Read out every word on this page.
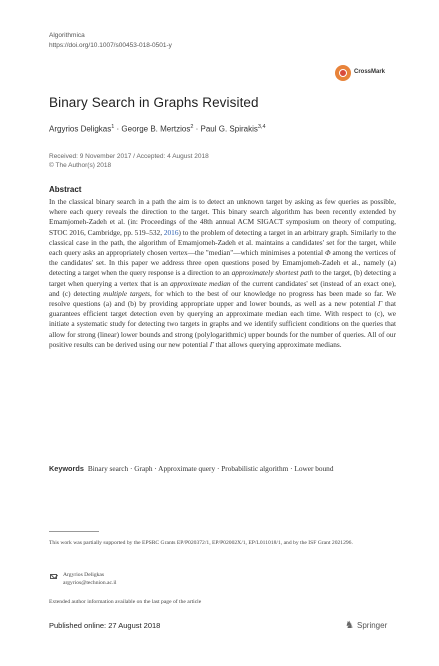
Algorithmica
https://doi.org/10.1007/s00453-018-0501-y
CrossMark
Binary Search in Graphs Revisited
Argyrios Deligkas$^1$ · George B. Mertzios$^2$ · Paul G. Spirakis$^{3,4}$
Received: 9 November 2017 / Accepted: 4 August 2018
© The Author(s) 2018
Abstract

In the classical binary search in a path the aim is to detect an unknown target by asking as few queries as possible, where each query reveals the direction to the target. This binary search algorithm has been recently extended by Emamjomeh-Zadeh et al. (in: Proceedings of the 48th annual ACM SIGACT symposium on theory of computing, STOC 2016, Cambridge, pp. 519–532, 2016) to the problem of detecting a target in an arbitrary graph. Similarly to the classical case in the path, the algorithm of Emamjomeh-Zadeh et al. maintains a candidates' set for the target, while each query asks an appropriately chosen vertex—the "median"—which minimises a potential Φ among the vertices of the candidates' set. In this paper we address three open questions posed by Emamjomeh-Zadeh et al., namely (a) detecting a target when the query response is a direction to an approximately shortest path to the target, (b) detecting a target when querying a vertex that is an approximate median of the current candidates' set (instead of an exact one), and (c) detecting multiple targets, for which to the best of our knowledge no progress has been made so far. We resolve questions (a) and (b) by providing appropriate upper and lower bounds, as well as a new potential Γ that guarantees efficient target detection even by querying an approximate median each time. With respect to (c), we initiate a systematic study for detecting two targets in graphs and we identify sufficient conditions on the queries that allow for strong (linear) lower bounds and strong (polylogarithmic) upper bounds for the number of queries. All of our positive results can be derived using our new potential Γ that allows querying approximate medians.

Keywords Binary search · Graph · Approximate query · Probabilistic algorithm · Lower bound
This work was partially supported by the EPSRC Grants EP/P020372/1, EP/P02002X/1, EP/L011018/1, and by the ISF Grant 2021296.
Argyrios Deligkas
argyrios@technion.ac.il
Extended author information available on the last page of the article
Published online: 27 August 2018	♞ Springer
